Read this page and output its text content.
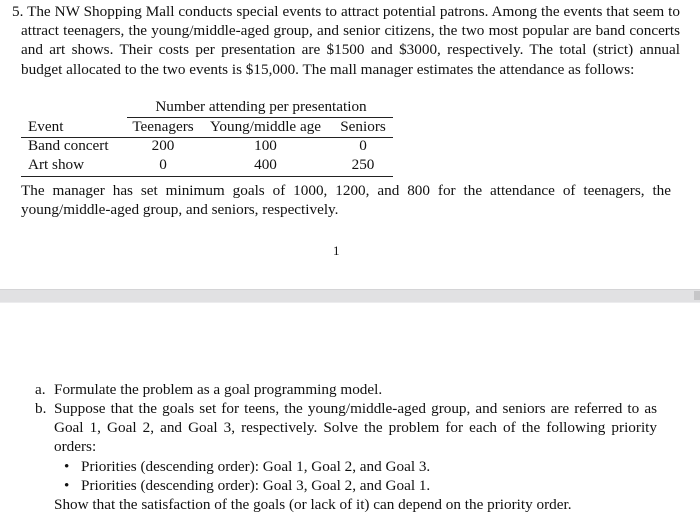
5. The NW Shopping Mall conducts special events to attract potential patrons. Among the events that seem to attract teenagers, the young/middle-aged group, and senior citizens, the two most popular are band concerts and art shows. Their costs per presentation are $1500 and $3000, respectively. The total (strict) annual budget allocated to the two events is $15,000. The mall manager estimates the attendance as follows:
Number attending per presentation
Event	Teenagers	Young/middle age	Seniors
Band concert	200	100	0
Art show	0	400	250
The manager has set minimum goals of 1000, 1200, and 800 for the attendance of teenagers, the young/middle-aged group, and seniors, respectively.
1
a. Formulate the problem as a goal programming model.
b. Suppose that the goals set for teens, the young/middle-aged group, and seniors are referred to as Goal 1, Goal 2, and Goal 3, respectively. Solve the problem for each of the following priority orders:
• Priorities (descending order): Goal 1, Goal 2, and Goal 3.
• Priorities (descending order): Goal 3, Goal 2, and Goal 1.
Show that the satisfaction of the goals (or lack of it) can depend on the priority order.
